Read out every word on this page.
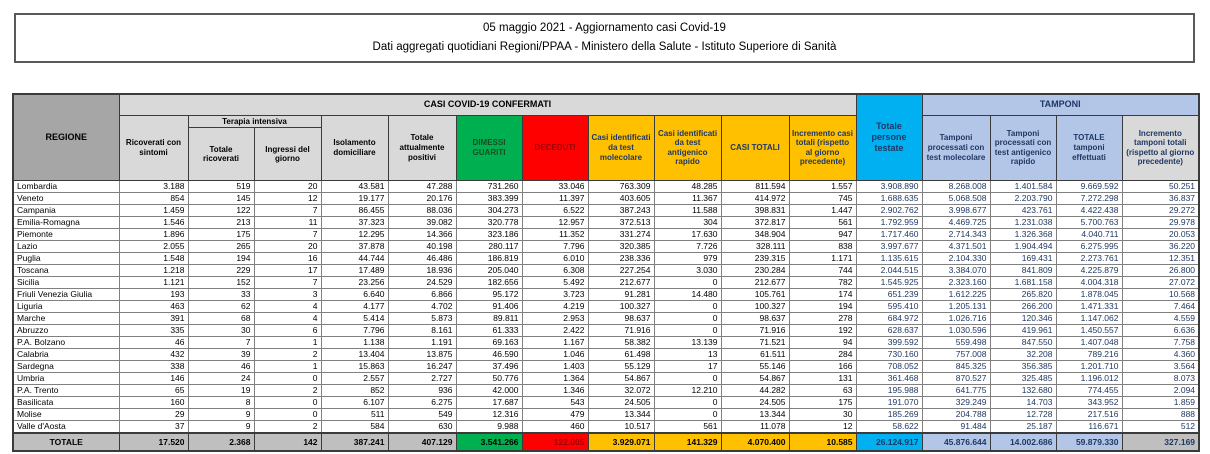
05 maggio 2021 - Aggiornamento casi Covid-19
Dati aggregati quotidiani Regioni/PPAA - Ministero della Salute - Istituto Superiore di Sanità
REGIONE	CASI COVID-19 CONFERMATI											Totale persone testate	TAMPONI			
	Ricoverati con sintomi	Terapia intensiva		Isolamento domiciliare	Totale attualmente positivi	DIMESSI GUARITI	DECEDUTI	Casi identificati da test molecolare	Casi identificati da test antigenico rapido	CASI TOTALI	Incremento casi totali (rispetto al giorno precedente)		Tamponi processati con test molecolare	Tamponi processati con test antigenico rapido	TOTALE tamponi effettuati	Incremento tamponi totali (rispetto al giorno precedente)
		Totale ricoverati	Ingressi del giorno													
Lombardia	3.188	519	20	43.581	47.288	731.260	33.046	763.309	48.285	811.594	1.557	3.908.890	8.268.008	1.401.584	9.669.592	50.251
Veneto	854	145	12	19.177	20.176	383.399	11.397	403.605	11.367	414.972	745	1.688.635	5.068.508	2.203.790	7.272.298	36.837
Campania	1.459	122	7	86.455	88.036	304.273	6.522	387.243	11.588	398.831	1.447	2.902.762	3.998.677	423.761	4.422.438	29.272
Emilia-Romagna	1.546	213	11	37.323	39.082	320.778	12.957	372.513	304	372.817	561	1.792.959	4.469.725	1.231.038	5.700.763	29.978
Piemonte	1.896	175	7	12.295	14.366	323.186	11.352	331.274	17.630	348.904	947	1.717.460	2.714.343	1.326.368	4.040.711	20.053
Lazio	2.055	265	20	37.878	40.198	280.117	7.796	320.385	7.726	328.111	838	3.997.677	4.371.501	1.904.494	6.275.995	36.220
Puglia	1.548	194	16	44.744	46.486	186.819	6.010	238.336	979	239.315	1.171	1.135.615	2.104.330	169.431	2.273.761	12.351
Toscana	1.218	229	17	17.489	18.936	205.040	6.308	227.254	3.030	230.284	744	2.044.515	3.384.070	841.809	4.225.879	26.800
Sicilia	1.121	152	7	23.256	24.529	182.656	5.492	212.677	0	212.677	782	1.545.925	2.323.160	1.681.158	4.004.318	27.072
Friuli Venezia Giulia	193	33	3	6.640	6.866	95.172	3.723	91.281	14.480	105.761	174	651.239	1.612.225	265.820	1.878.045	10.568
Liguria	463	62	4	4.177	4.702	91.406	4.219	100.327	0	100.327	194	595.410	1.205.131	266.200	1.471.331	7.464
Marche	391	68	4	5.414	5.873	89.811	2.953	98.637	0	98.637	278	684.972	1.026.716	120.346	1.147.062	4.559
Abruzzo	335	30	6	7.796	8.161	61.333	2.422	71.916	0	71.916	192	628.637	1.030.596	419.961	1.450.557	6.636
P.A. Bolzano	46	7	1	1.138	1.191	69.163	1.167	58.382	13.139	71.521	94	399.592	559.498	847.550	1.407.048	7.758
Calabria	432	39	2	13.404	13.875	46.590	1.046	61.498	13	61.511	284	730.160	757.008	32.208	789.216	4.360
Sardegna	338	46	1	15.863	16.247	37.496	1.403	55.129	17	55.146	166	708.052	845.325	356.385	1.201.710	3.564
Umbria	146	24	0	2.557	2.727	50.776	1.364	54.867	0	54.867	131	361.468	870.527	325.485	1.196.012	8.073
P.A. Trento	65	19	2	852	936	42.000	1.346	32.072	12.210	44.282	63	195.988	641.775	132.680	774.455	2.094
Basilicata	160	8	0	6.107	6.275	17.687	543	24.505	0	24.505	175	191.070	329.249	14.703	343.952	1.859
Molise	29	9	0	511	549	12.316	479	13.344	0	13.344	30	185.269	204.788	12.728	217.516	888
Valle d'Aosta	37	9	2	584	630	9.988	460	10.517	561	11.078	12	58.622	91.484	25.187	116.671	512
TOTALE	17.520	2.368	142	387.241	407.129	3.541.266	122.005	3.929.071	141.329	4.070.400	10.585	26.124.917	45.876.644	14.002.686	59.879.330	327.169
